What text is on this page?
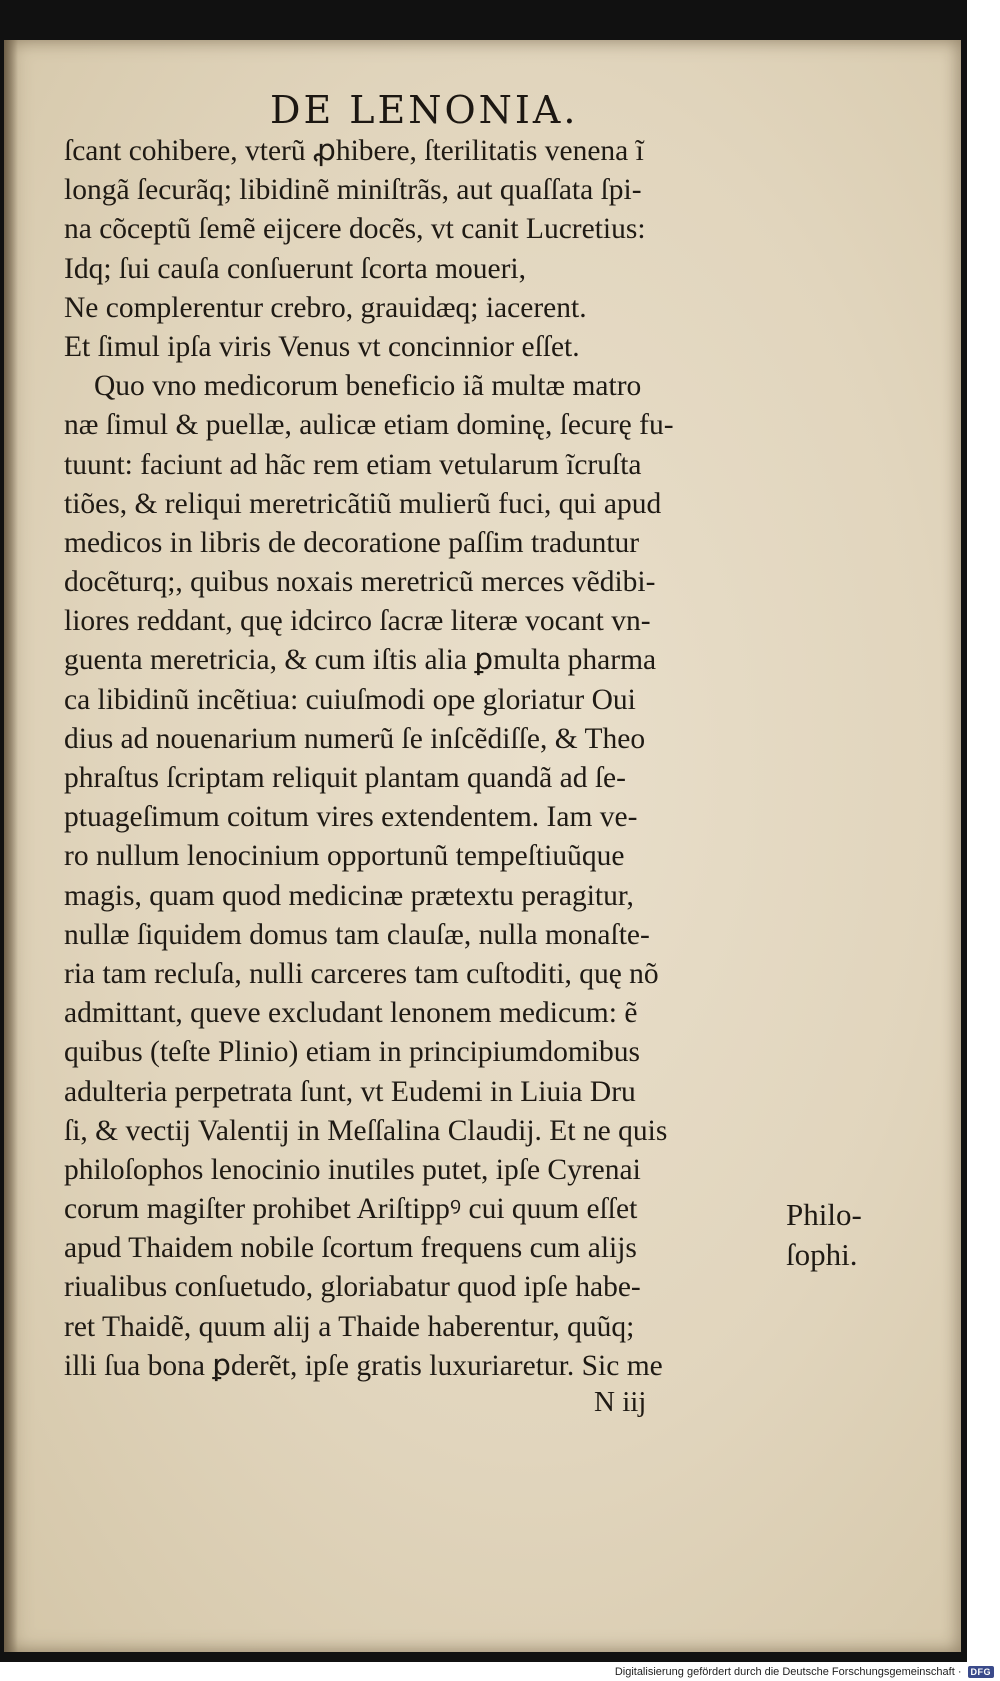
DE LENONIA.
ſcant cohibere, vterũ ꝓhibere, ſterilitatis venena ĩ
longã ſecurãq; libidinẽ miniſtrãs, aut quaſſata ſpi-
na cõceptũ ſemẽ eijcere docẽs, vt canit Lucretius:
Idq; ſui cauſa conſuerunt ſcorta moueri,
Ne complerentur crebro, grauidæq; iacerent.
Et ſimul ipſa viris Venus vt concinnior eſſet.
Quo vno medicorum beneficio iã multæ matro
næ ſimul & puellæ, aulicæ etiam dominę, ſecurę fu-
tuunt: faciunt ad hãc rem etiam vetularum ĩcruſta
tiões, & reliqui meretricãtiũ mulierũ fuci, qui apud
medicos in libris de decoratione paſſim traduntur
docẽturq;, quibus noxais meretricũ merces vẽdibi-
liores reddant, quę idcirco ſacræ literæ vocant vn-
guenta meretricia, & cum iſtis alia ꝑmulta pharma
ca libidinũ incẽtiua: cuiuſmodi ope gloriatur Oui
dius ad nouenarium numerũ ſe inſcẽdiſſe, & Theo
phraſtus ſcriptam reliquit plantam quandã ad ſe-
ptuageſimum coitum vires extendentem. Iam ve-
ro nullum lenocinium opportunũ tempeſtiuũque
magis, quam quod medicinæ prætextu peragitur,
nullæ ſiquidem domus tam clauſæ, nulla monaſte-
ria tam recluſa, nulli carceres tam cuſtoditi, quę nõ
admittant, queve excludant lenonem medicum: ẽ
quibus (teſte Plinio) etiam in principiumdomibus
adulteria perpetrata ſunt, vt Eudemi in Liuia Dru
ſi, & vectij Valentij in Meſſalina Claudij. Et ne quis
philoſophos lenocinio inutiles putet, ipſe Cyrenai
corum magiſter prohibet Ariſtippꝰ cui quum eſſet
apud Thaidem nobile ſcortum frequens cum alijs
riualibus conſuetudo, gloriabatur quod ipſe habe-
ret Thaidẽ, quum alij a Thaide haberentur, quũq;
illi ſua bona ꝑderẽt, ipſe gratis luxuriaretur. Sic me
Philo-
ſophi.
N iij
Digitalisierung gefördert durch die Deutsche Forschungsgemeinschaft ·	DFG
